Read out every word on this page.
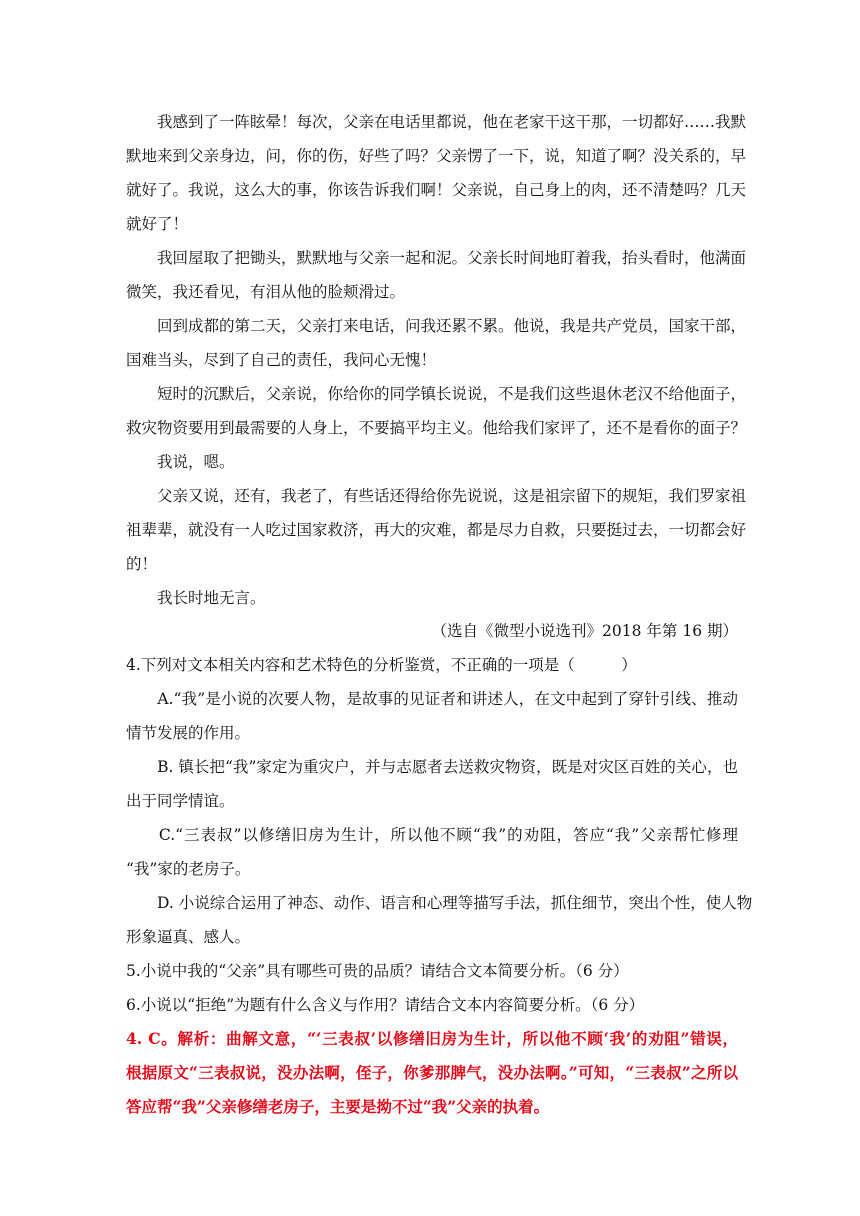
　　我感到了一阵眩晕！每次，父亲在电话里都说，他在老家干这干那，一切都好……我默
默地来到父亲身边，问，你的伤，好些了吗？父亲愣了一下，说，知道了啊？没关系的，早
就好了。我说，这么大的事，你该告诉我们啊！父亲说，自己身上的肉，还不清楚吗？几天
就好了！
　　我回屋取了把锄头，默默地与父亲一起和泥。父亲长时间地盯着我，抬头看时，他满面
微笑，我还看见，有泪从他的脸颊滑过。
　　回到成都的第二天，父亲打来电话，问我还累不累。他说，我是共产党员，国家干部，
国难当头，尽到了自己的责任，我问心无愧！
　　短时的沉默后，父亲说，你给你的同学镇长说说，不是我们这些退休老汉不给他面子，
救灾物资要用到最需要的人身上，不要搞平均主义。他给我们家评了，还不是看你的面子？
　　我说，嗯。
　　父亲又说，还有，我老了，有些话还得给你先说说，这是祖宗留下的规矩，我们罗家祖
祖辈辈，就没有一人吃过国家救济，再大的灾难，都是尽力自救，只要挺过去，一切都会好
的！
　　我长时地无言。
（选自《微型小说选刊》2018 年第 16 期）
4.下列对文本相关内容和艺术特色的分析鉴赏，不正确的一项是（　　　）
　　A.“我”是小说的次要人物，是故事的见证者和讲述人，在文中起到了穿针引线、推动
情节发展的作用。
　　B. 镇长把“我”家定为重灾户，并与志愿者去送救灾物资，既是对灾区百姓的关心，也
出于同学情谊。
　　C.“三表叔”以修缮旧房为生计，所以他不顾“我”的劝阻，答应“我”父亲帮忙修理
“我”家的老房子。
　　D. 小说综合运用了神态、动作、语言和心理等描写手法，抓住细节，突出个性，使人物
形象逼真、感人。
5.小说中我的“父亲”具有哪些可贵的品质？请结合文本简要分析。（6 分）
6.小说以“拒绝”为题有什么含义与作用？请结合文本内容简要分析。（6 分）
4. C。解析：曲解文意，“‘三表叔’以修缮旧房为生计，所以他不顾‘我’的劝阻”错误，
根据原文“三表叔说，没办法啊，侄子，你爹那脾气，没办法啊。”可知，“三表叔”之所以
答应帮“我”父亲修缮老房子，主要是拗不过“我”父亲的执着。
